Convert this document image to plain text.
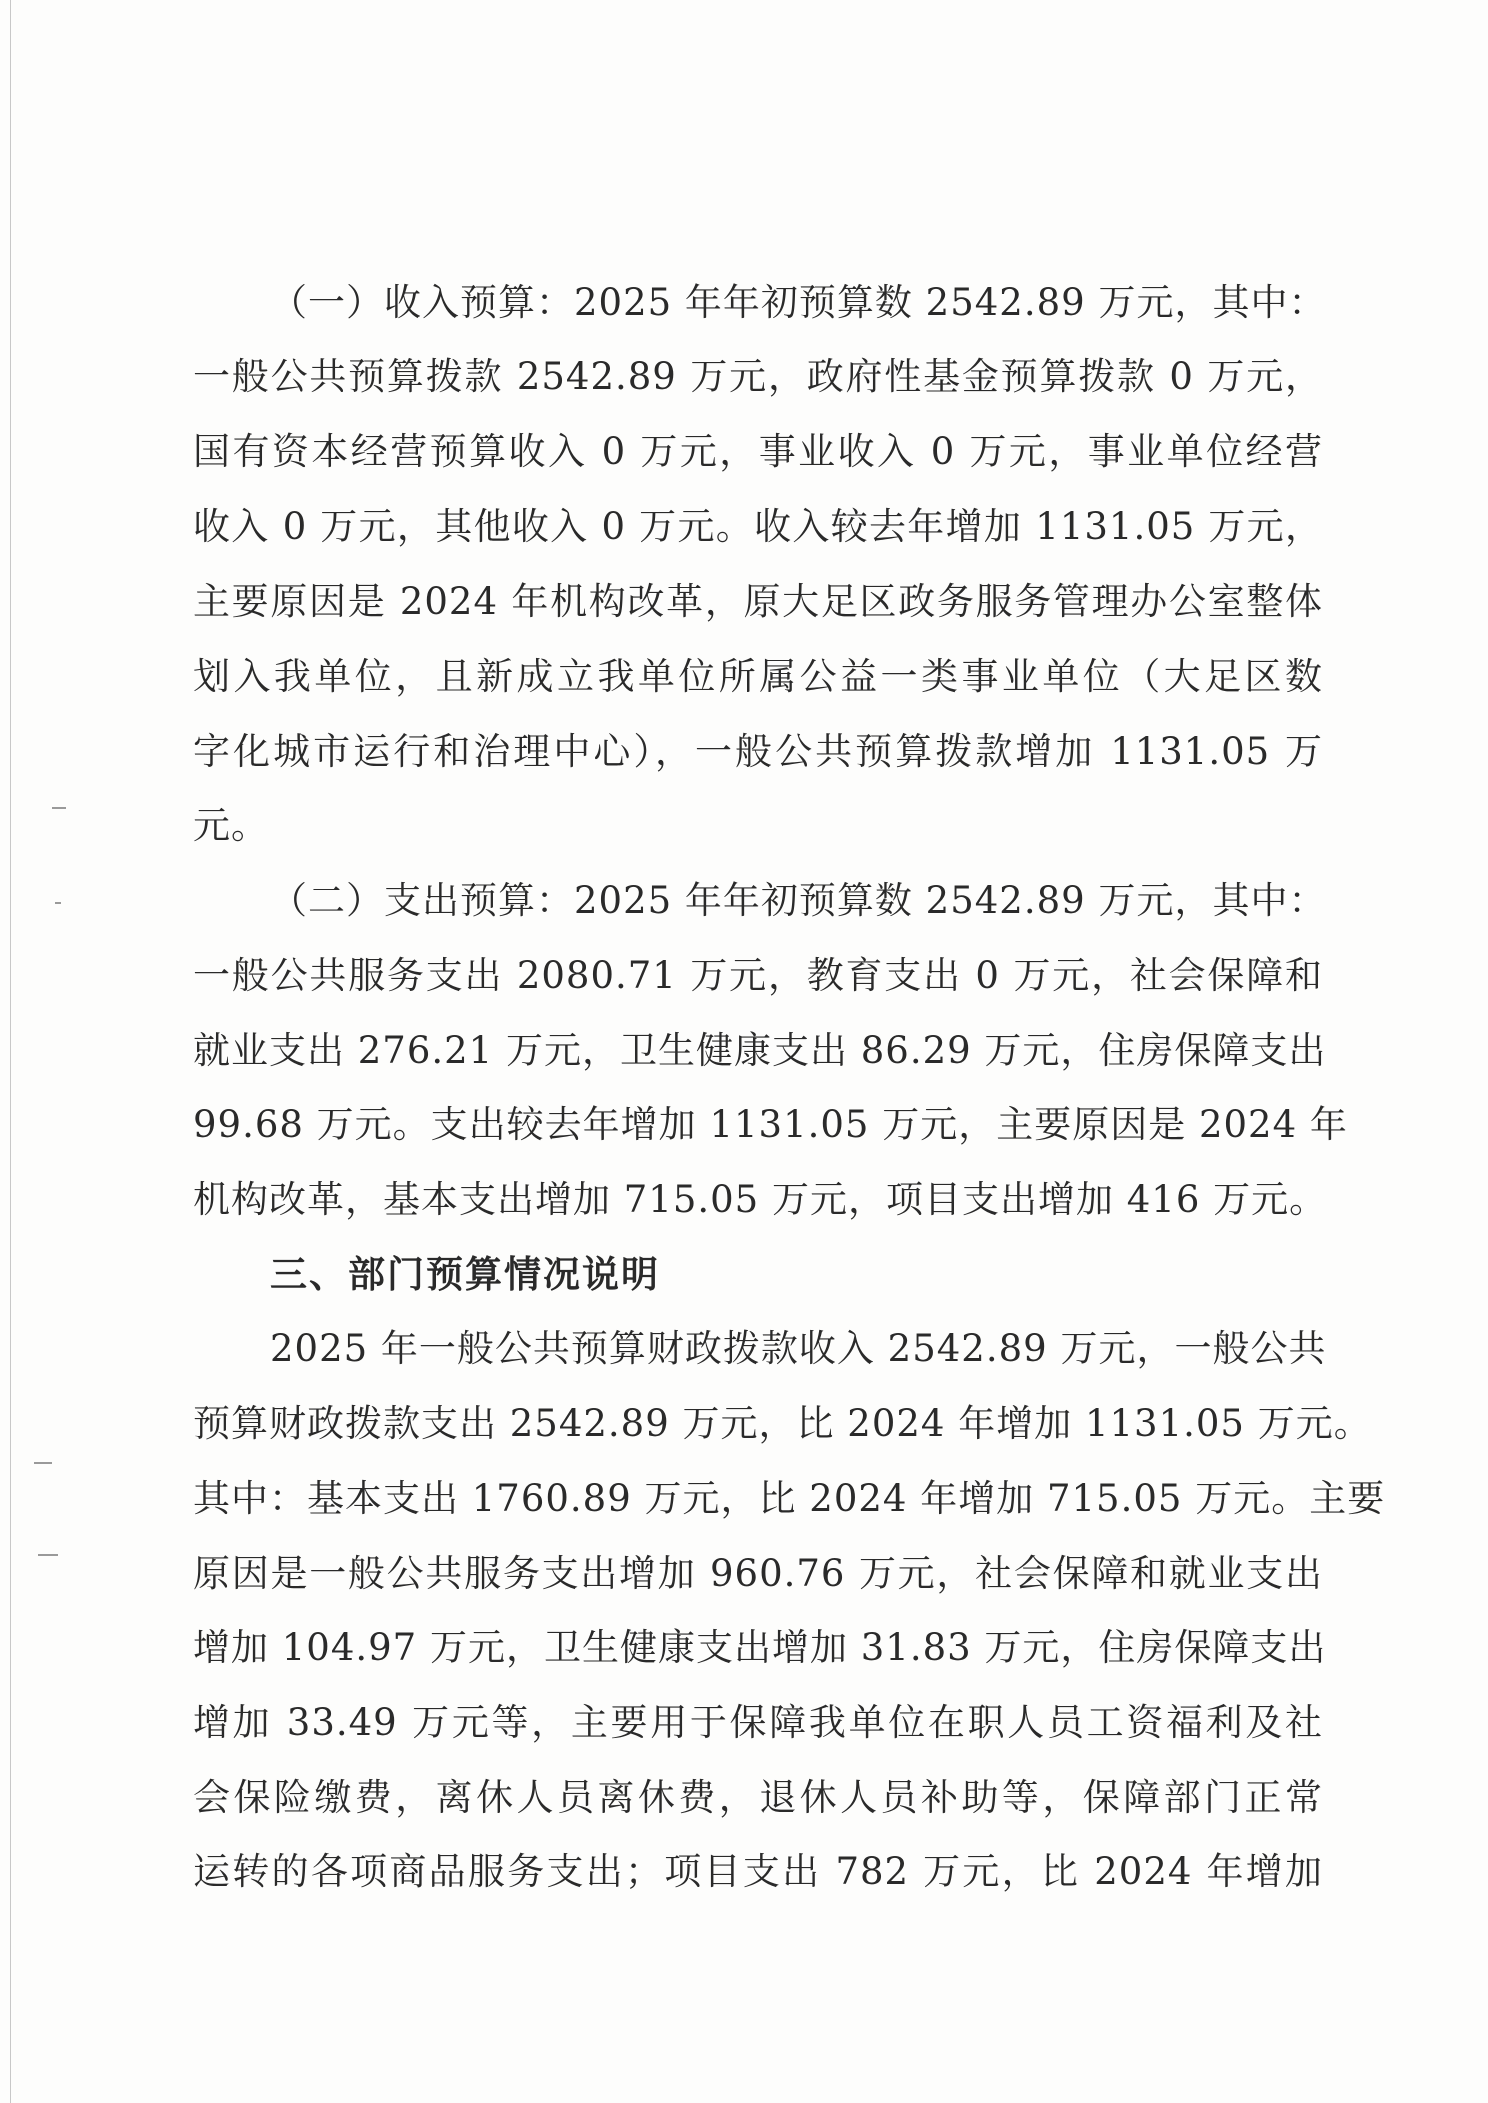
（一）收入预算：2025 年年初预算数 2542.89 万元，其中：
一般公共预算拨款 2542.89 万元，政府性基金预算拨款 0 万元，
国有资本经营预算收入 0 万元，事业收入 0 万元，事业单位经营
收入 0 万元，其他收入 0 万元。收入较去年增加 1131.05 万元，
主要原因是 2024 年机构改革，原大足区政务服务管理办公室整体
划入我单位，且新成立我单位所属公益一类事业单位（大足区数
字化城市运行和治理中心），一般公共预算拨款增加 1131.05 万
元。
（二）支出预算：2025 年年初预算数 2542.89 万元，其中：
一般公共服务支出 2080.71 万元，教育支出 0 万元，社会保障和
就业支出 276.21 万元，卫生健康支出 86.29 万元，住房保障支出
99.68 万元。支出较去年增加 1131.05 万元，主要原因是 2024 年
机构改革，基本支出增加 715.05 万元，项目支出增加 416 万元。
三、部门预算情况说明
2025 年一般公共预算财政拨款收入 2542.89 万元，一般公共
预算财政拨款支出 2542.89 万元，比 2024 年增加 1131.05 万元。
其中：基本支出 1760.89 万元，比 2024 年增加 715.05 万元。主要
原因是一般公共服务支出增加 960.76 万元，社会保障和就业支出
增加 104.97 万元，卫生健康支出增加 31.83 万元，住房保障支出
增加 33.49 万元等，主要用于保障我单位在职人员工资福利及社
会保险缴费，离休人员离休费，退休人员补助等，保障部门正常
运转的各项商品服务支出；项目支出 782 万元，比 2024 年增加
